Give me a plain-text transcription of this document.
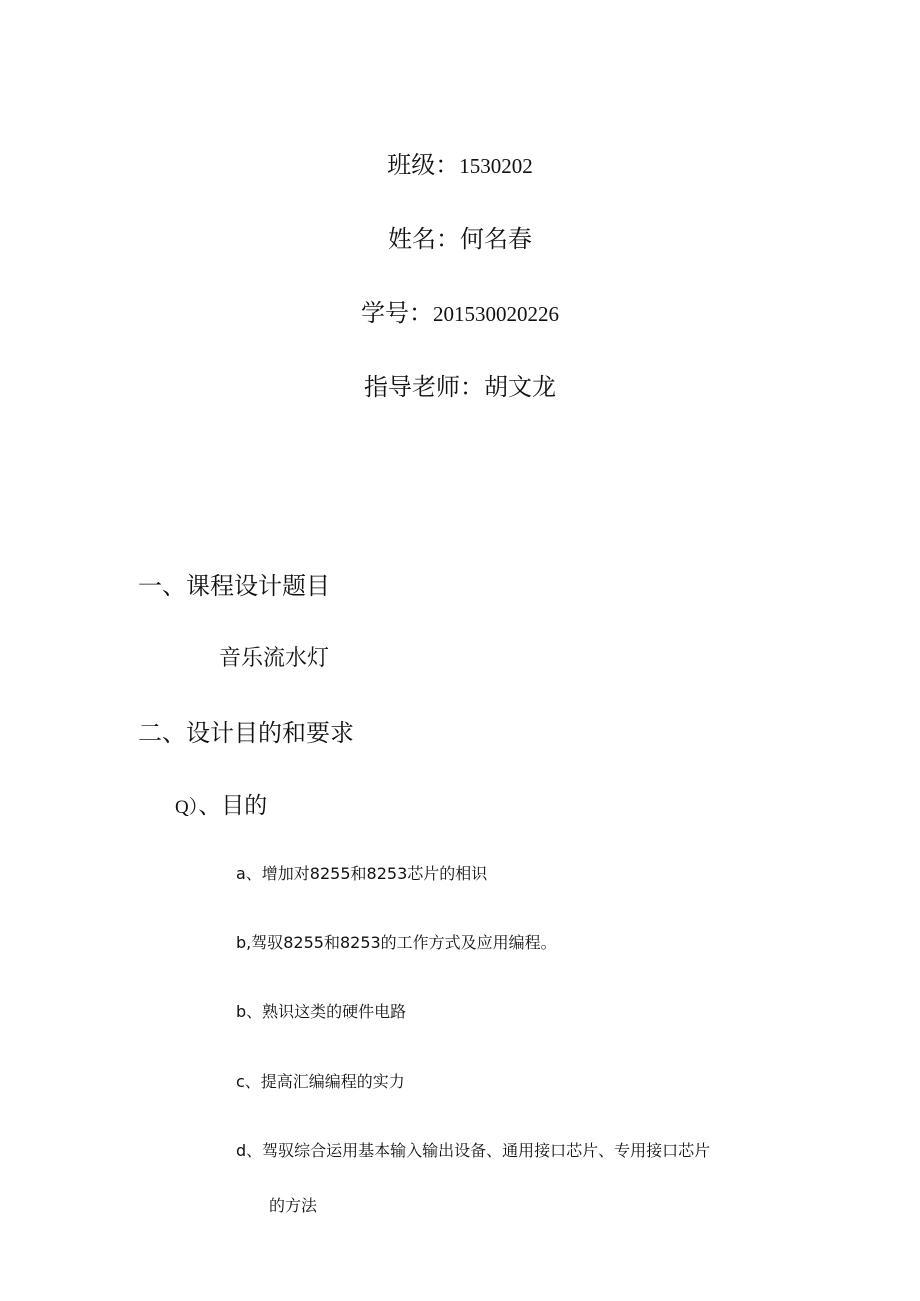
班级：1530202
姓名：何名春
学号：201530020226
指导老师：胡文龙
一、课程设计题目
音乐流水灯
二、设计目的和要求
Q）、目的
a、增加对8255和8253芯片的相识
b,驾驭8255和8253的工作方式及应用编程。
b、熟识这类的硬件电路
c、提高汇编编程的实力
d、驾驭综合运用基本输入输出设备、通用接口芯片、专用接口芯片
的方法
